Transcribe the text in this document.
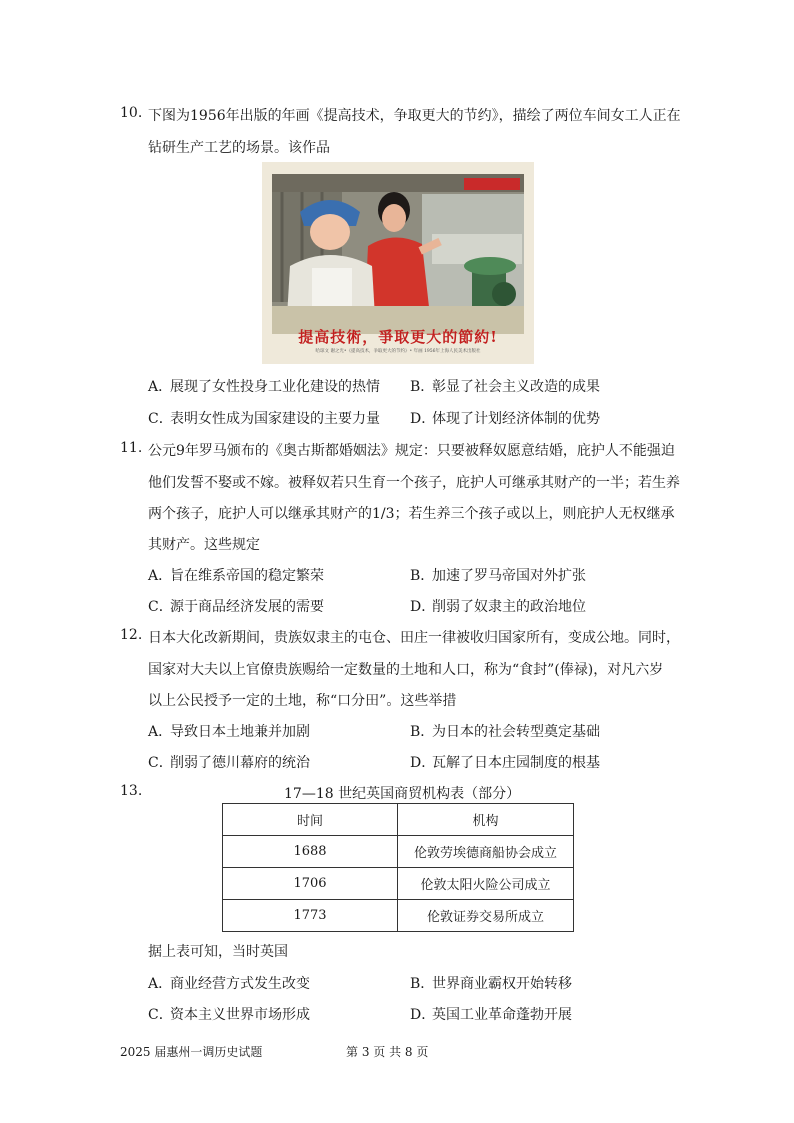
10. 下图为1956年出版的年画《提高技术，争取更大的节约》，描绘了两位车间女工人正在
钻研生产工艺的场景。该作品
提高技術，爭取更大的節約!
哈琼文 谢之光•《提高技术，争取更大的节约》• 年画 1956年上海人民美术出版社
A．展现了女性投身工业化建设的热情 B．彰显了社会主义改造的成果
C．表明女性成为国家建设的主要力量 D．体现了计划经济体制的优势
11. 公元9年罗马颁布的《奥古斯都婚姻法》规定：只要被释奴愿意结婚，庇护人不能强迫
他们发誓不娶或不嫁。被释奴若只生育一个孩子，庇护人可继承其财产的一半；若生养
两个孩子，庇护人可以继承其财产的1/3；若生养三个孩子或以上，则庇护人无权继承
其财产。这些规定
A．旨在维系帝国的稳定繁荣	B．加速了罗马帝国对外扩张
C．源于商品经济发展的需要	D．削弱了奴隶主的政治地位
12. 日本大化改新期间，贵族奴隶主的屯仓、田庄一律被收归国家所有，变成公地。同时，
国家对大夫以上官僚贵族赐给一定数量的土地和人口，称为“食封”(俸禄)，对凡六岁
以上公民授予一定的土地，称“口分田”。这些举措
A．导致日本土地兼并加剧	B．为日本的社会转型奠定基础
C．削弱了德川幕府的统治	D．瓦解了日本庄园制度的根基
13.	17—18 世纪英国商贸机构表（部分）
时间	机构
1688	伦敦劳埃德商船协会成立
1706	伦敦太阳火险公司成立
1773	伦敦证券交易所成立
据上表可知，当时英国
A．商业经营方式发生改变	B．世界商业霸权开始转移
C．资本主义世界市场形成	D．英国工业革命蓬勃开展
2025 届惠州一调历史试题	第 3 页 共 8 页
